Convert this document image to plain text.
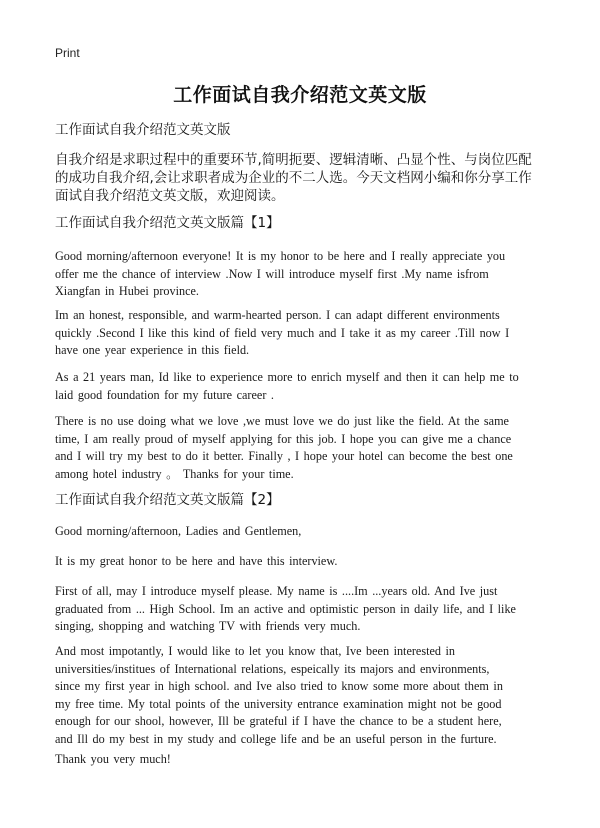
Print
工作面试自我介绍范文英文版
工作面试自我介绍范文英文版
自我介绍是求职过程中的重要环节,简明扼要、逻辑清晰、凸显个性、与岗位匹配
的成功自我介绍,会让求职者成为企业的不二人选。今天文档网小编和你分享工作
面试自我介绍范文英文版，欢迎阅读。
工作面试自我介绍范文英文版篇【1】
Good morning/afternoon everyone! It is my honor to be here and I really appreciate you
offer me the chance of interview .Now I will introduce myself first .My name isfrom
Xiangfan in Hubei province.
Im an honest, responsible, and warm-hearted person. I can adapt different environments
quickly .Second I like this kind of field very much and I take it as my career .Till now I
have one year experience in this field.
As a 21 years man, Id like to experience more to enrich myself and then it can help me to
laid good foundation for my future career .
There is no use doing what we love ,we must love we do just like the field. At the same
time, I am really proud of myself applying for this job. I hope you can give me a chance
and I will try my best to do it better. Finally , I hope your hotel can become the best one
among hotel industry 。 Thanks for your time.
工作面试自我介绍范文英文版篇【2】
Good morning/afternoon, Ladies and Gentlemen,
It is my great honor to be here and have this interview.
First of all, may I introduce myself please. My name is ....Im ...years old. And Ive just
graduated from ... High School. Im an active and optimistic person in daily life, and I like
singing, shopping and watching TV with friends very much.
And most impotantly, I would like to let you know that, Ive been interested in
universities/institues of International relations, espeically its majors and environments,
since my first year in high school. and Ive also tried to know some more about them in
my free time. My total points of the university entrance examination might not be good
enough for our shool, however, Ill be grateful if I have the chance to be a student here,
and Ill do my best in my study and college life and be an useful person in the furture.
Thank you very much!
